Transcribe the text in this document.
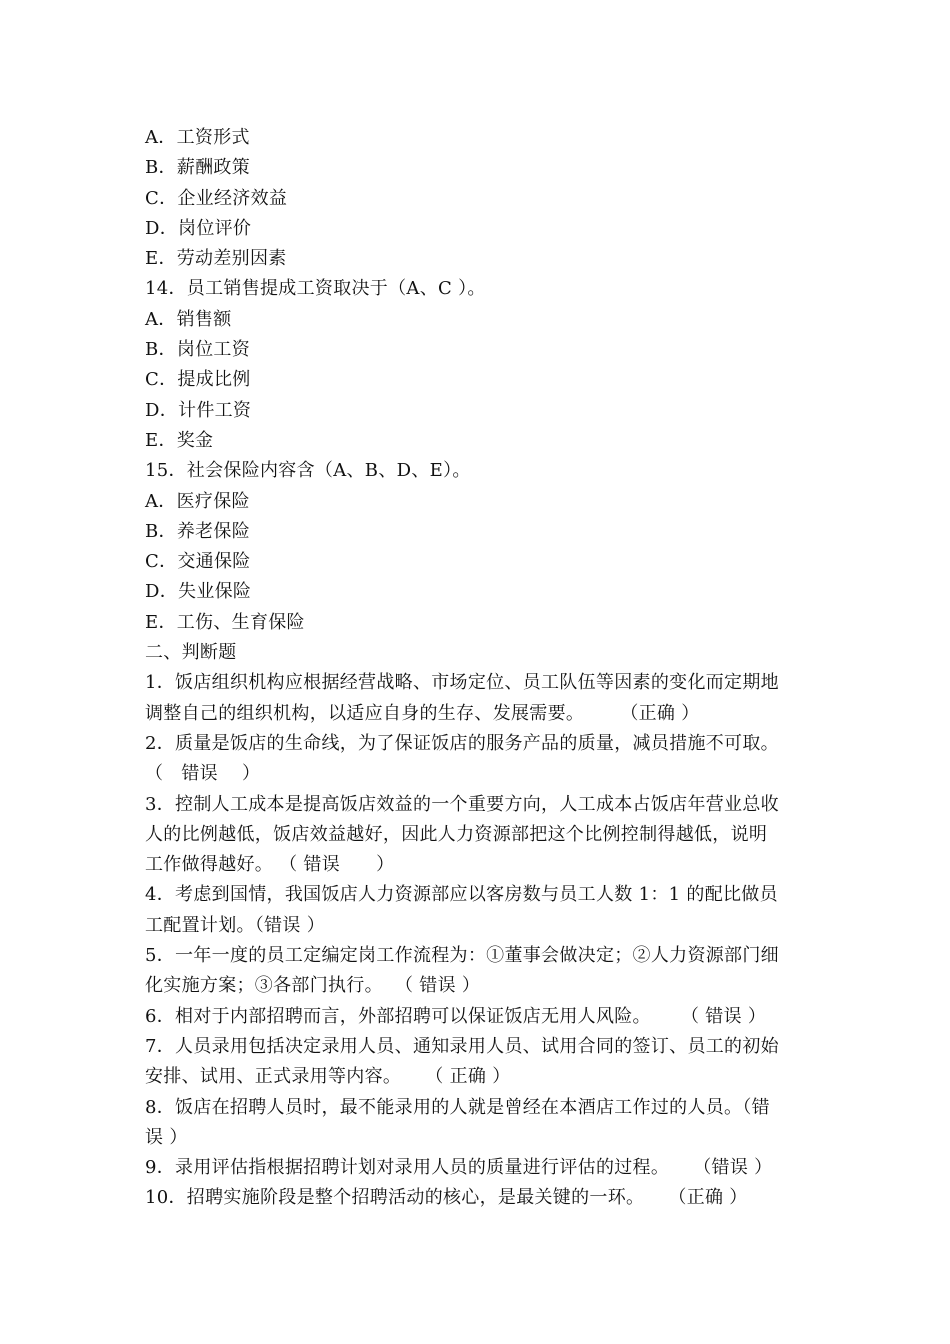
A．工资形式
B．薪酬政策
C．企业经济效益
D．岗位评价
E．劳动差别因素
14．员工销售提成工资取决于（A、C ）。
A．销售额
B．岗位工资
C．提成比例
D．计件工资
E．奖金
15．社会保险内容含（A、B、D、E）。
A．医疗保险
B．养老保险
C．交通保险
D．失业保险
E．工伤、生育保险
二、判断题
1．饭店组织机构应根据经营战略、市场定位、员工队伍等因素的变化而定期地
调整自己的组织机构，以适应自身的生存、发展需要。      （正确 ）
2．质量是饭店的生命线，为了保证饭店的服务产品的质量，减员措施不可取。
（   错误    ）
3．控制人工成本是提高饭店效益的一个重要方向，人工成本占饭店年营业总收
人的比例越低，饭店效益越好，因此人力资源部把这个比例控制得越低，说明
工作做得越好。 （ 错误      ）
4．考虑到国情，我国饭店人力资源部应以客房数与员工人数 1：1 的配比做员
工配置计划。（错误 ）
5．一年一度的员工定编定岗工作流程为：①董事会做决定；②人力资源部门细
化实施方案；③各部门执行。  （ 错误 ）
6．相对于内部招聘而言，外部招聘可以保证饭店无用人风险。     （ 错误 ）
7．人员录用包括决定录用人员、通知录用人员、试用合同的签订、员工的初始
安排、试用、正式录用等内容。    （ 正确 ）
8．饭店在招聘人员时，最不能录用的人就是曾经在本酒店工作过的人员。（错
误 ）
9．录用评估指根据招聘计划对录用人员的质量进行评估的过程。    （错误 ）
10．招聘实施阶段是整个招聘活动的核心，是最关键的一环。    （正确 ）
